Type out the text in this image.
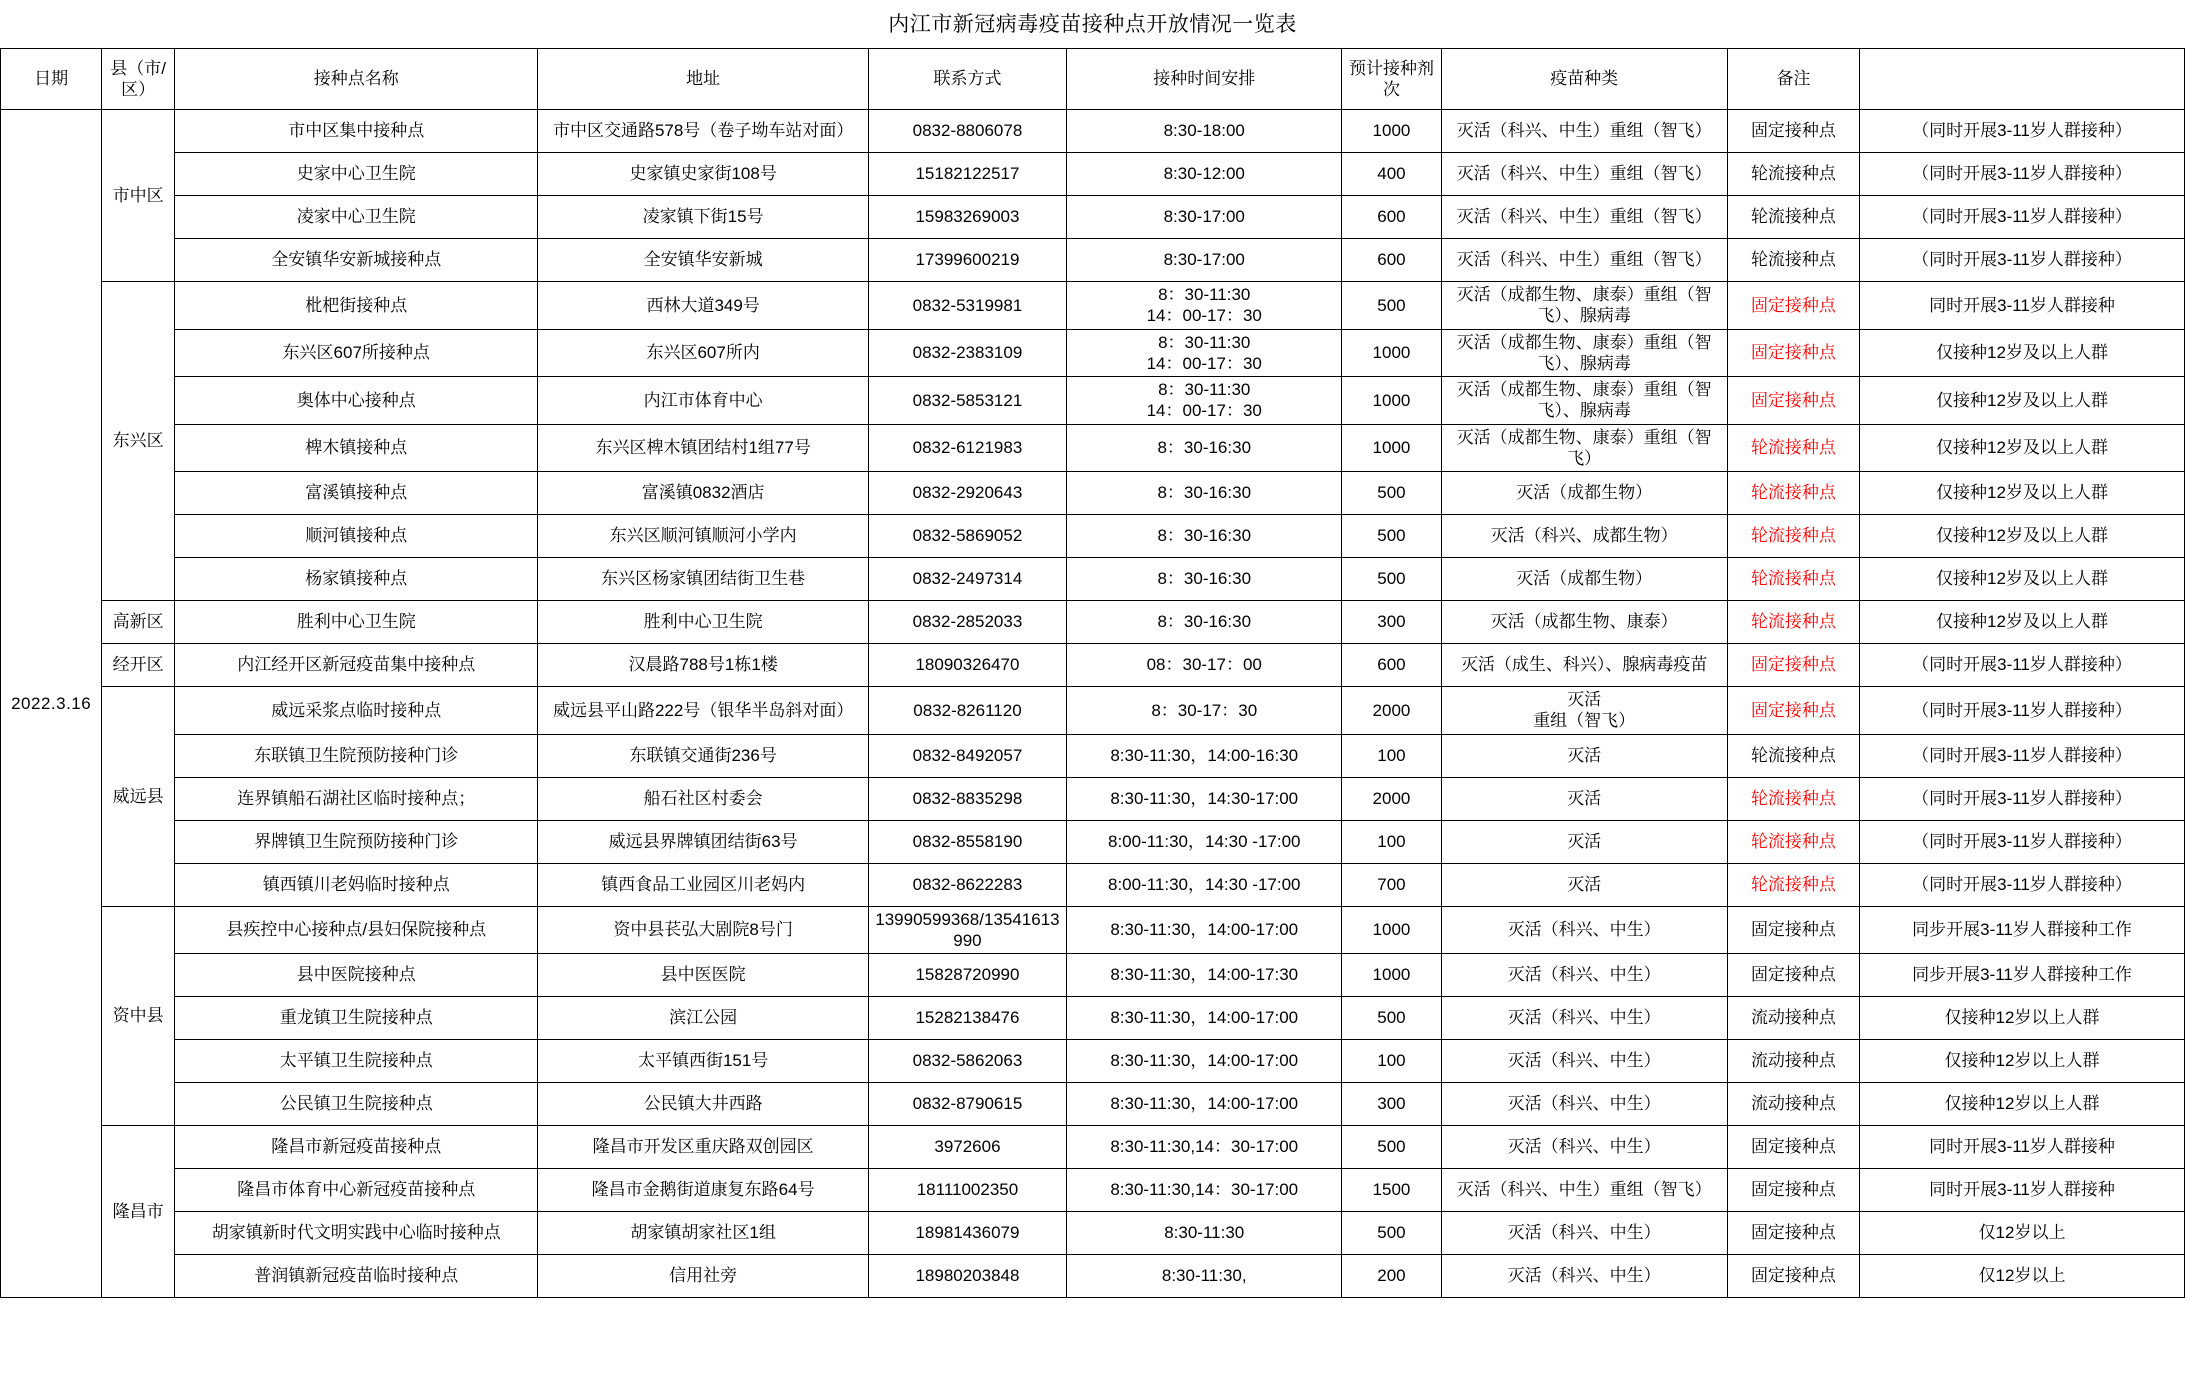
内江市新冠病毒疫苗接种点开放情况一览表
日期	县（市/区）	接种点名称	地址	联系方式	接种时间安排	预计接种剂次	疫苗种类	备注	
2022.3.16	市中区	市中区集中接种点	市中区交通路578号（卷子坳车站对面）	0832-8806078	8:30-18:00	1000	灭活（科兴、中生）重组（智飞）	固定接种点	（同时开展3-11岁人群接种）
		史家中心卫生院	史家镇史家街108号	15182122517	8:30-12:00	400	灭活（科兴、中生）重组（智飞）	轮流接种点	（同时开展3-11岁人群接种）
		凌家中心卫生院	凌家镇下街15号	15983269003	8:30-17:00	600	灭活（科兴、中生）重组（智飞）	轮流接种点	（同时开展3-11岁人群接种）
		全安镇华安新城接种点	全安镇华安新城	17399600219	8:30-17:00	600	灭活（科兴、中生）重组（智飞）	轮流接种点	（同时开展3-11岁人群接种）
	东兴区	枇杷街接种点	西林大道349号	0832-5319981	8：30-11:30
14：00-17：30	500	灭活（成都生物、康泰）重组（智飞）、腺病毒	固定接种点	同时开展3-11岁人群接种
		东兴区607所接种点	东兴区607所内	0832-2383109	8：30-11:30
14：00-17：30	1000	灭活（成都生物、康泰）重组（智飞）、腺病毒	固定接种点	仅接种12岁及以上人群
		奥体中心接种点	内江市体育中心	0832-5853121	8：30-11:30
14：00-17：30	1000	灭活（成都生物、康泰）重组（智飞）、腺病毒	固定接种点	仅接种12岁及以上人群
		椑木镇接种点	东兴区椑木镇团结村1组77号	0832-6121983	8：30-16:30	1000	灭活（成都生物、康泰）重组（智飞）	轮流接种点	仅接种12岁及以上人群
		富溪镇接种点	富溪镇0832酒店	0832-2920643	8：30-16:30	500	灭活（成都生物）	轮流接种点	仅接种12岁及以上人群
		顺河镇接种点	东兴区顺河镇顺河小学内	0832-5869052	8：30-16:30	500	灭活（科兴、成都生物）	轮流接种点	仅接种12岁及以上人群
		杨家镇接种点	东兴区杨家镇团结街卫生巷	0832-2497314	8：30-16:30	500	灭活（成都生物）	轮流接种点	仅接种12岁及以上人群
	高新区	胜利中心卫生院	胜利中心卫生院	0832-2852033	8：30-16:30	300	灭活（成都生物、康泰）	轮流接种点	仅接种12岁及以上人群
	经开区	内江经开区新冠疫苗集中接种点	汉晨路788号1栋1楼	18090326470	08：30-17：00	600	灭活（成生、科兴）、腺病毒疫苗	固定接种点	（同时开展3-11岁人群接种）
	威远县	威远采浆点临时接种点	威远县平山路222号（银华半岛斜对面）	0832-8261120	8：30-17：30	2000	灭活
重组（智飞）	固定接种点	（同时开展3-11岁人群接种）
		东联镇卫生院预防接种门诊	东联镇交通街236号	0832-8492057	8:30-11:30，14:00-16:30	100	灭活	轮流接种点	（同时开展3-11岁人群接种）
		连界镇船石湖社区临时接种点；	船石社区村委会	0832-8835298	8:30-11:30，14:30-17:00	2000	灭活	轮流接种点	（同时开展3-11岁人群接种）
		界牌镇卫生院预防接种门诊	威远县界牌镇团结街63号	0832-8558190	8:00-11:30，14:30 -17:00	100	灭活	轮流接种点	（同时开展3-11岁人群接种）
		镇西镇川老妈临时接种点	镇西食品工业园区川老妈内	0832-8622283	8:00-11:30，14:30 -17:00	700	灭活	轮流接种点	（同时开展3-11岁人群接种）
	资中县	县疾控中心接种点/县妇保院接种点	资中县苌弘大剧院8号门	13990599368/13541613990	8:30-11:30，14:00-17:00	1000	灭活（科兴、中生）	固定接种点	同步开展3-11岁人群接种工作
		县中医院接种点	县中医医院	15828720990	8:30-11:30，14:00-17:30	1000	灭活（科兴、中生）	固定接种点	同步开展3-11岁人群接种工作
		重龙镇卫生院接种点	滨江公园	15282138476	8:30-11:30，14:00-17:00	500	灭活（科兴、中生）	流动接种点	仅接种12岁以上人群
		太平镇卫生院接种点	太平镇西街151号	0832-5862063	8:30-11:30，14:00-17:00	100	灭活（科兴、中生）	流动接种点	仅接种12岁以上人群
		公民镇卫生院接种点	公民镇大井西路	0832-8790615	8:30-11:30，14:00-17:00	300	灭活（科兴、中生）	流动接种点	仅接种12岁以上人群
	隆昌市	隆昌市新冠疫苗接种点	隆昌市开发区重庆路双创园区	3972606	8:30-11:30,14：30-17:00	500	灭活（科兴、中生）	固定接种点	同时开展3-11岁人群接种
		隆昌市体育中心新冠疫苗接种点	隆昌市金鹅街道康复东路64号	18111002350	8:30-11:30,14：30-17:00	1500	灭活（科兴、中生）重组（智飞）	固定接种点	同时开展3-11岁人群接种
		胡家镇新时代文明实践中心临时接种点	胡家镇胡家社区1组	18981436079	8:30-11:30	500	灭活（科兴、中生）	固定接种点	仅12岁以上
		普润镇新冠疫苗临时接种点	信用社旁	18980203848	8:30-11:30,	200	灭活（科兴、中生）	固定接种点	仅12岁以上
